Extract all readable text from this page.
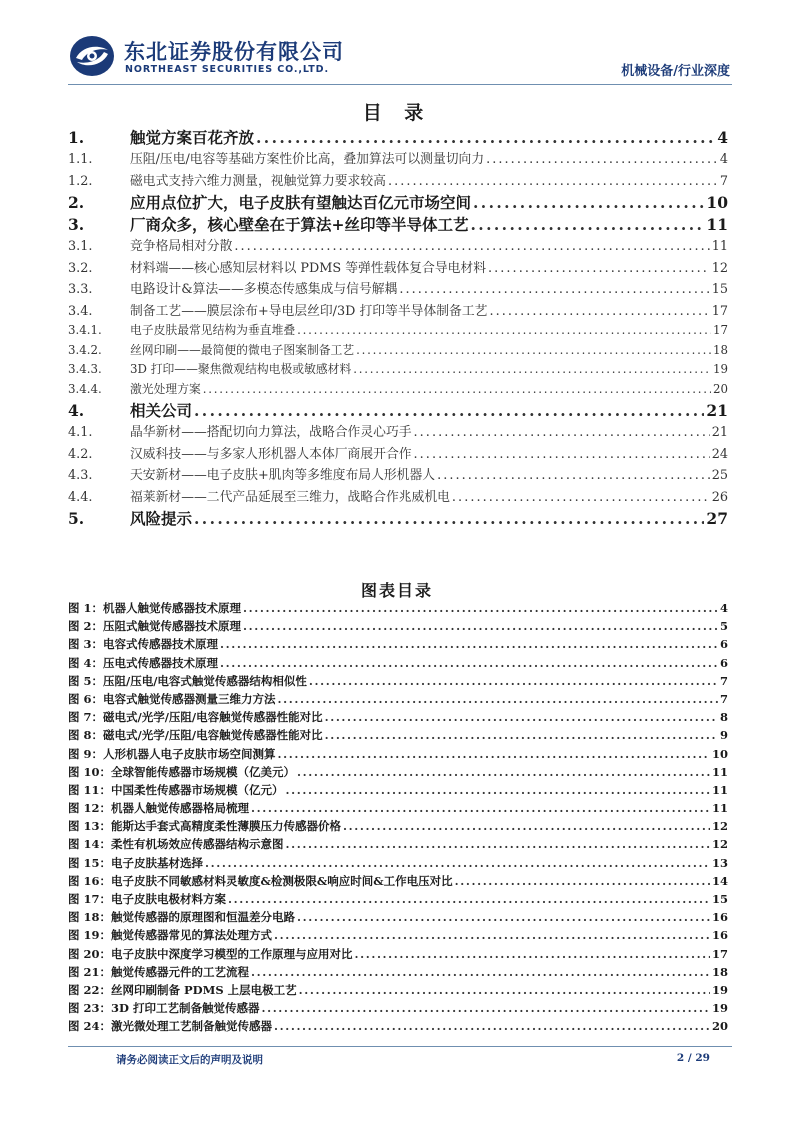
东北证券股份有限公司
NORTHEAST SECURITIES CO.,LTD.	机械设备/行业深度
目 录
1.	触觉方案百花齐放 . . .	4
1.1.	压阻/压电/电容等基础方案性价比高，叠加算法可以测量切向力 . . .	4
1.2.	磁电式支持六维力测量，视触觉算力要求较高 . . .	7
2.	应用点位扩大，电子皮肤有望触达百亿元市场空间 . . .	10
3.	厂商众多，核心壁垒在于算法+丝印等半导体工艺 . . .	11
3.1.	竞争格局相对分散 . . .	11
3.2.	材料端——核心感知层材料以 PDMS 等弹性载体复合导电材料 . . .	12
3.3.	电路设计&算法——多模态传感集成与信号解耦 . . .	15
3.4.	制备工艺——膜层涂布+导电层丝印/3D 打印等半导体制备工艺 . . .	17
3.4.1.	电子皮肤最常见结构为垂直堆叠 . . .	17
3.4.2.	丝网印刷——最简便的微电子图案制备工艺 . . .	18
3.4.3.	3D 打印——聚焦微观结构电极或敏感材料 . . .	19
3.4.4.	激光处理方案 . . .	20
4.	相关公司 . . .	21
4.1.	晶华新材——搭配切向力算法，战略合作灵心巧手 . . .	21
4.2.	汉威科技——与多家人形机器人本体厂商展开合作 . . .	24
4.3.	天安新材——电子皮肤+肌肉等多维度布局人形机器人 . . .	25
4.4.	福莱新材——二代产品延展至三维力，战略合作兆威机电 . . .	26
5.	风险提示 . . .	27
图表目录
图 1：机器人触觉传感器技术原理 . . .	4
图 2：压阻式触觉传感器技术原理 . . .	5
图 3：电容式传感器技术原理 . . .	6
图 4：压电式传感器技术原理 . . .	6
图 5：压阻/压电/电容式触觉传感器结构相似性 . . .	7
图 6：电容式触觉传感器测量三维力方法 . . .	7
图 7：磁电式/光学/压阻/电容触觉传感器性能对比 . . .	8
图 8：磁电式/光学/压阻/电容触觉传感器性能对比 . . .	9
图 9：人形机器人电子皮肤市场空间测算 . . .	10
图 10：全球智能传感器市场规模（亿美元） . . .	11
图 11：中国柔性传感器市场规模（亿元） . . .	11
图 12：机器人触觉传感器格局梳理 . . .	11
图 13：能斯达手套式高精度柔性薄膜压力传感器价格 . . .	12
图 14：柔性有机场效应传感器结构示意图 . . .	12
图 15：电子皮肤基材选择 . . .	13
图 16：电子皮肤不同敏感材料灵敏度&检测极限&响应时间&工作电压对比 . . .	14
图 17：电子皮肤电极材料方案 . . .	15
图 18：触觉传感器的原理图和恒温差分电路 . . .	16
图 19：触觉传感器常见的算法处理方式 . . .	16
图 20：电子皮肤中深度学习模型的工作原理与应用对比 . . .	17
图 21：触觉传感器元件的工艺流程 . . .	18
图 22：丝网印刷制备 PDMS 上层电极工艺 . . .	19
图 23：3D 打印工艺制备触觉传感器 . . .	19
图 24：激光微处理工艺制备触觉传感器 . . .	20
请务必阅读正文后的声明及说明	2 / 29
